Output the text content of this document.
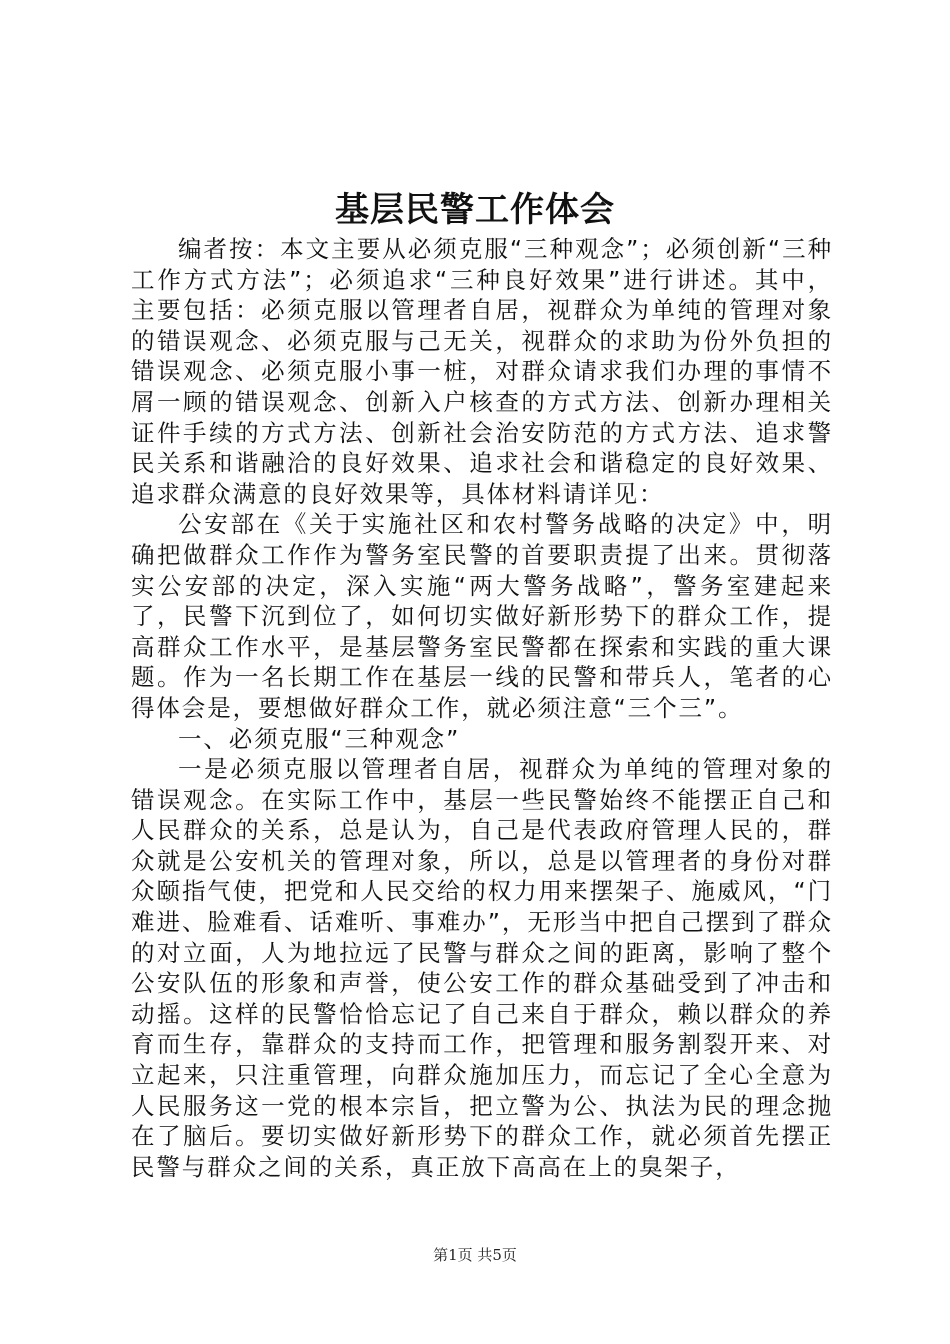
基层民警工作体会

编者按：本文主要从必须克服“三种观念”；必须创新“三种工作方式方法”；必须追求“三种良好效果”进行讲述。其中，主要包括：必须克服以管理者自居，视群众为单纯的管理对象的错误观念、必须克服与己无关，视群众的求助为份外负担的错误观念、必须克服小事一桩，对群众请求我们办理的事情不屑一顾的错误观念、创新入户核查的方式方法、创新办理相关证件手续的方式方法、创新社会治安防范的方式方法、追求警民关系和谐融洽的良好效果、追求社会和谐稳定的良好效果、追求群众满意的良好效果等，具体材料请详见：

公安部在《关于实施社区和农村警务战略的决定》中，明确把做群众工作作为警务室民警的首要职责提了出来。贯彻落实公安部的决定，深入实施“两大警务战略”，警务室建起来了，民警下沉到位了，如何切实做好新形势下的群众工作，提高群众工作水平，是基层警务室民警都在探索和实践的重大课题。作为一名长期工作在基层一线的民警和带兵人，笔者的心得体会是，要想做好群众工作，就必须注意“三个三”。

一、必须克服“三种观念”

一是必须克服以管理者自居，视群众为单纯的管理对象的错误观念。在实际工作中，基层一些民警始终不能摆正自己和人民群众的关系，总是认为，自己是代表政府管理人民的，群众就是公安机关的管理对象，所以，总是以管理者的身份对群众颐指气使，把党和人民交给的权力用来摆架子、施威风，“门难进、脸难看、话难听、事难办”，无形当中把自己摆到了群众的对立面，人为地拉远了民警与群众之间的距离，影响了整个公安队伍的形象和声誉，使公安工作的群众基础受到了冲击和动摇。这样的民警恰恰忘记了自己来自于群众，赖以群众的养育而生存，靠群众的支持而工作，把管理和服务割裂开来、对立起来，只注重管理，向群众施加压力，而忘记了全心全意为人民服务这一党的根本宗旨，把立警为公、执法为民的理念抛在了脑后。要切实做好新形势下的群众工作，就必须首先摆正民警与群众之间的关系，真正放下高高在上的臭架子，

第1页 共5页
